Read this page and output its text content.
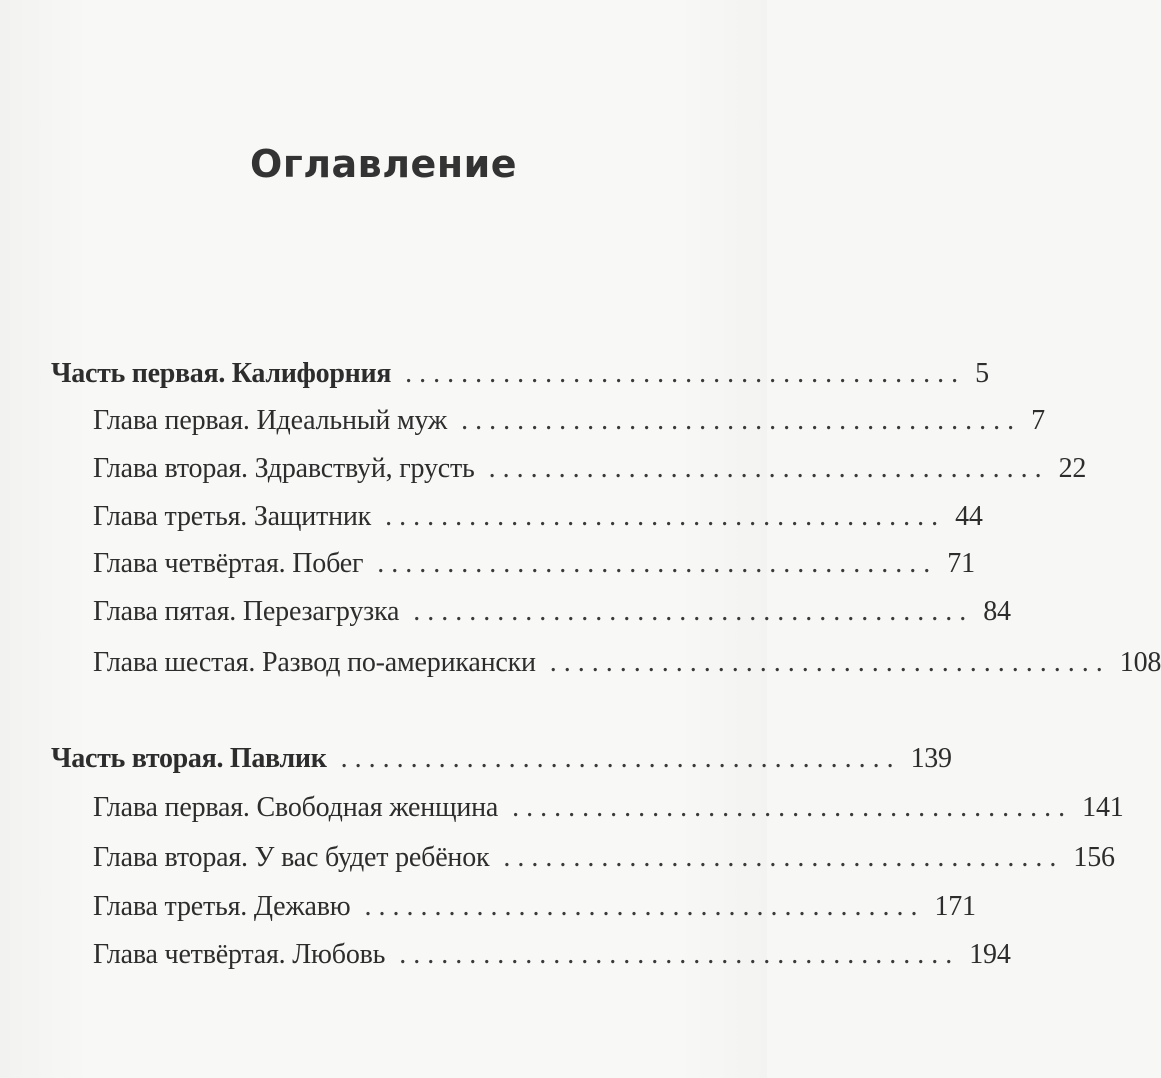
Оглавление
Часть первая. Калифорния ........................................ 5
Глава первая. Идеальный муж ........................................ 7
Глава вторая. Здравствуй, грусть ........................................ 22
Глава третья. Защитник ........................................ 44
Глава четвёртая. Побег ........................................ 71
Глава пятая. Перезагрузка ........................................ 84
Глава шестая. Развод по-американски ........................................ 108
Часть вторая. Павлик ........................................ 139
Глава первая. Свободная женщина ........................................ 141
Глава вторая. У вас будет ребёнок ........................................ 156
Глава третья. Дежавю ........................................ 171
Глава четвёртая. Любовь ........................................ 194
